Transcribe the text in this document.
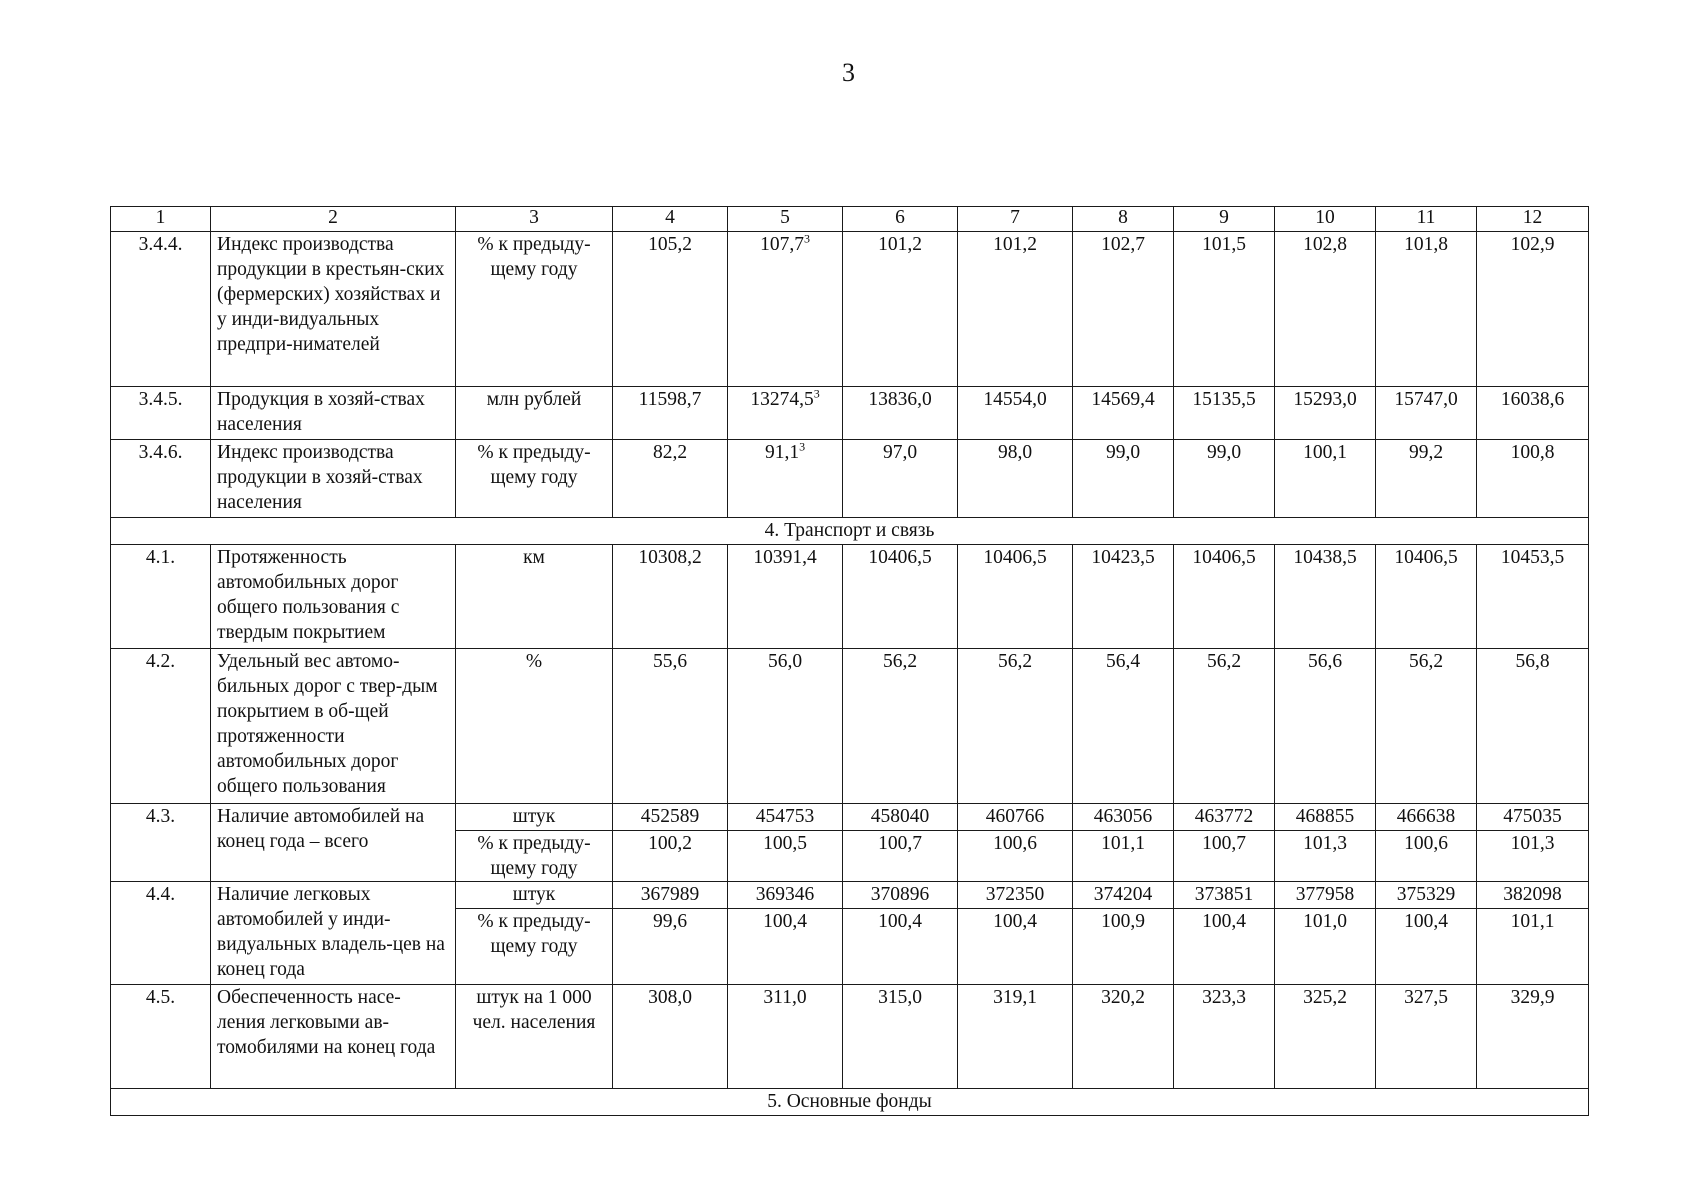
3
1	2	3	4	5	6	7	8	9	10	11	12
3.4.4.	Индекс производства продукции в крестьян-ских (фермерских) хозяйствах и у инди-видуальных предпри-нимателей	% к предыду-щему году	105,2	107,7$^3$	101,2	101,2	102,7	101,5	102,8	101,8	102,9
3.4.5.	Продукция в хозяй-ствах населения	млн рублей	11598,7	13274,5$^3$	13836,0	14554,0	14569,4	15135,5	15293,0	15747,0	16038,6
3.4.6.	Индекс производства продукции в хозяй-ствах населения	% к предыду-щему году	82,2	91,1$^3$	97,0	98,0	99,0	99,0	100,1	99,2	100,8
4. Транспорт и связь											
4.1.	Протяженность автомобильных дорог общего пользования с твердым покрытием	км	10308,2	10391,4	10406,5	10406,5	10423,5	10406,5	10438,5	10406,5	10453,5
4.2.	Удельный вес автомо-бильных дорог с твер-дым покрытием в об-щей протяженности автомобильных дорог общего пользования	%	55,6	56,0	56,2	56,2	56,4	56,2	56,6	56,2	56,8
4.3.	Наличие автомобилей на конец года – всего	штук	452589	454753	458040	460766	463056	463772	468855	466638	475035
		% к предыду-щему году	100,2	100,5	100,7	100,6	101,1	100,7	101,3	100,6	101,3
4.4.	Наличие легковых автомобилей у инди-видуальных владель-цев на конец года	штук	367989	369346	370896	372350	374204	373851	377958	375329	382098
		% к предыду-щему году	99,6	100,4	100,4	100,4	100,9	100,4	101,0	100,4	101,1
4.5.	Обеспеченность насе-ления легковыми ав-томобилями на конец года	штук на 1 000 чел. населения	308,0	311,0	315,0	319,1	320,2	323,3	325,2	327,5	329,9
5. Основные фонды											
